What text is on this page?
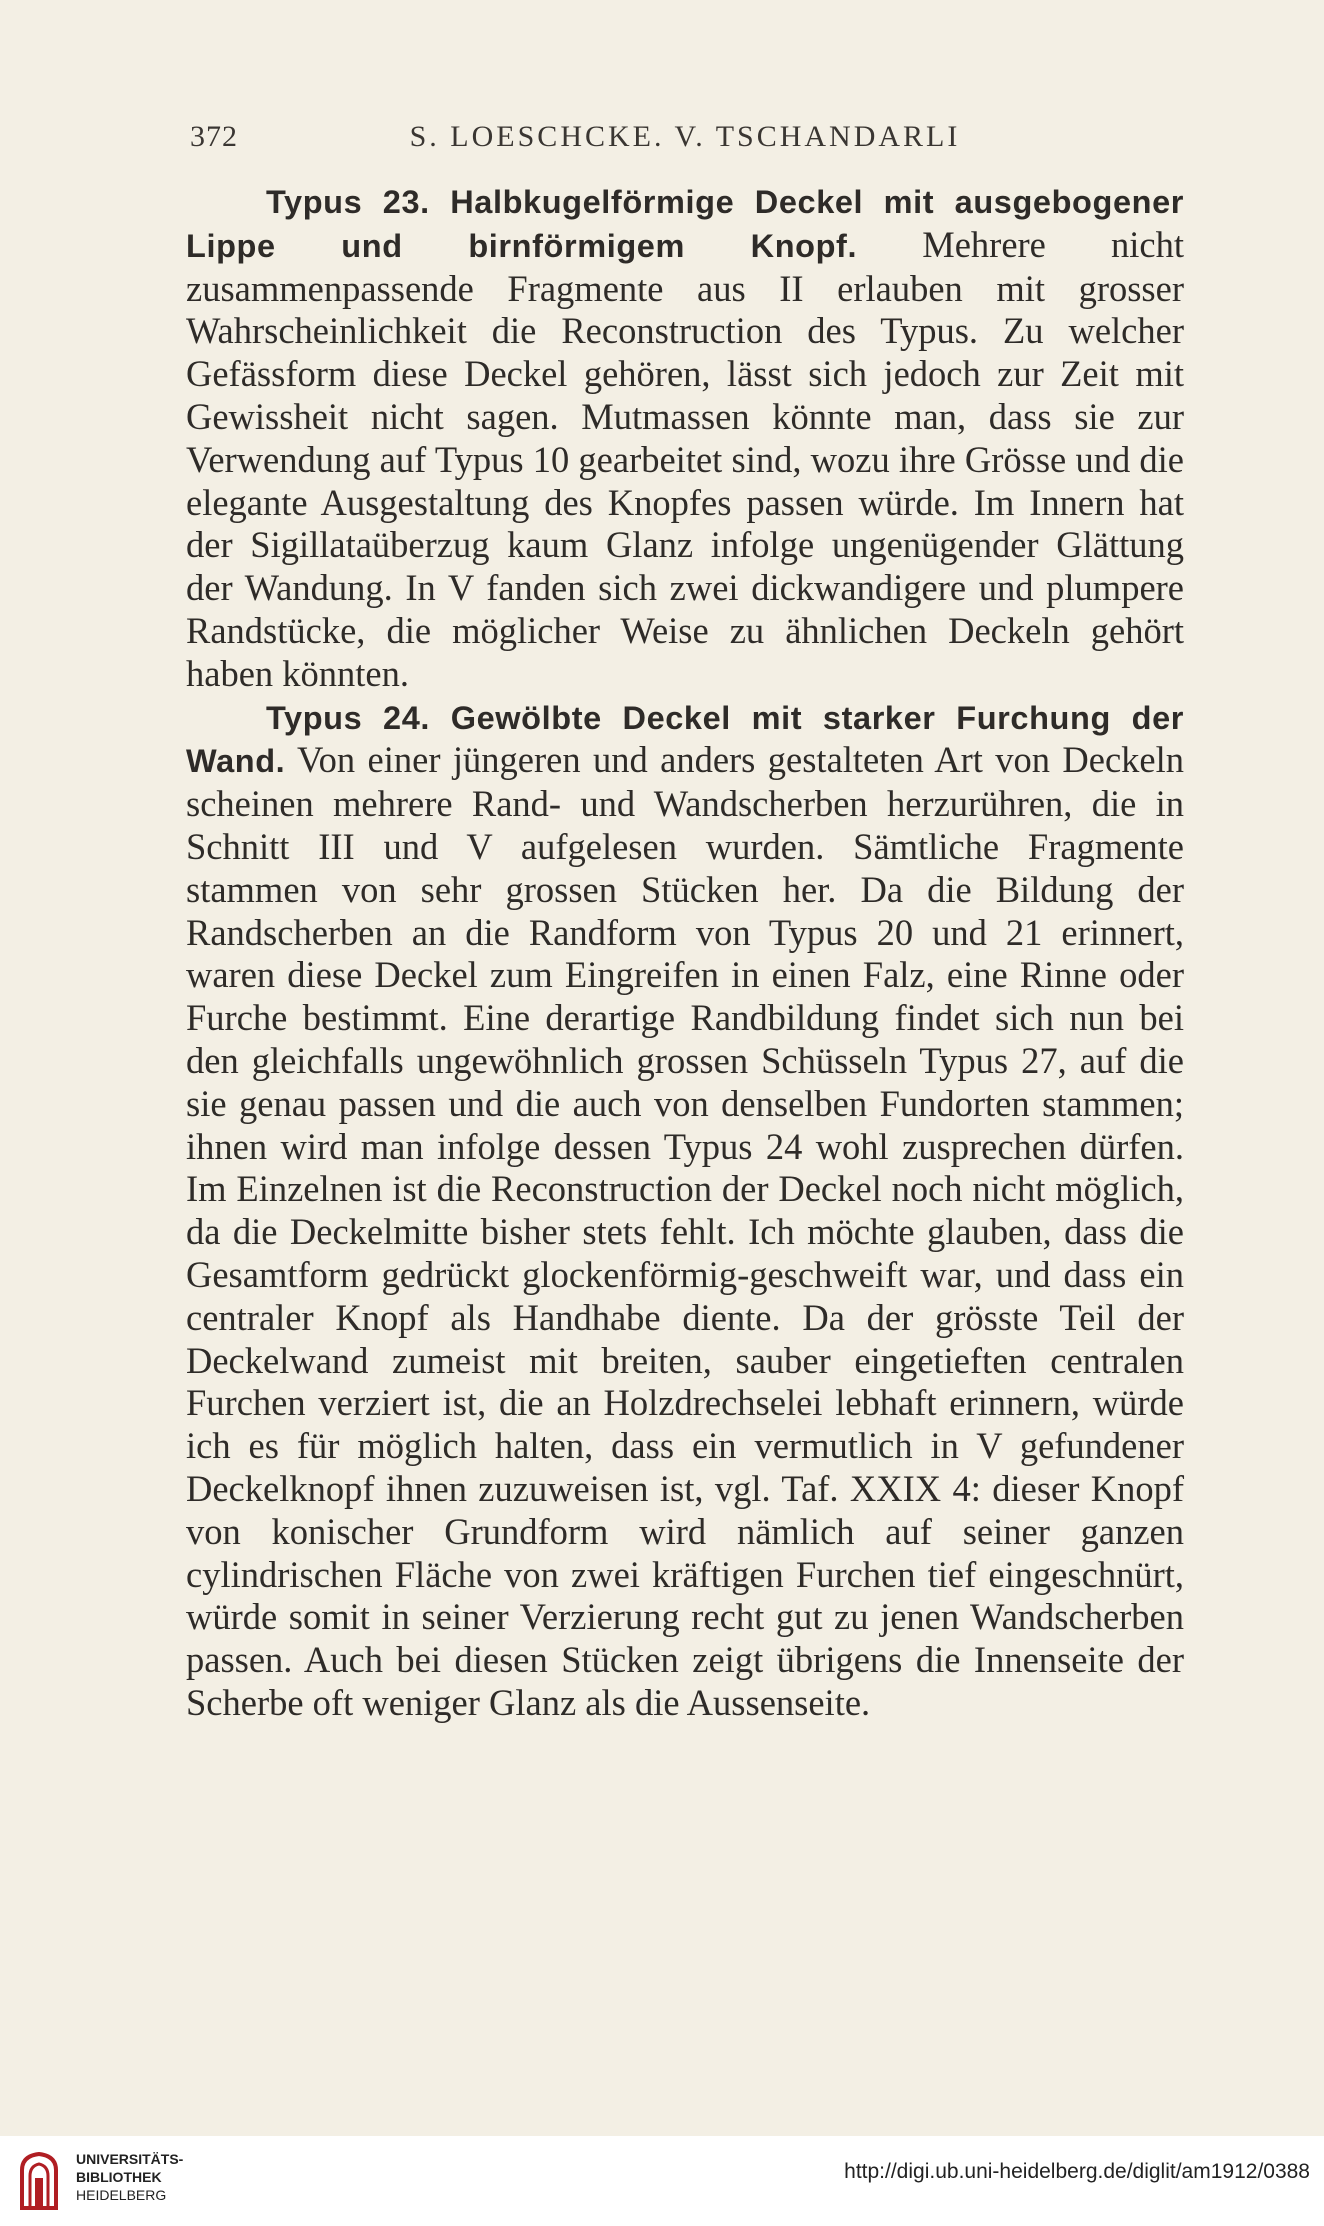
372	S. LOESCHCKE. V. TSCHANDARLI

Typus 23. Halbkugelförmige Deckel mit ausgebogener Lippe und birnförmigem Knopf. Mehrere nicht zusammenpassende Fragmente aus II erlauben mit grosser Wahrscheinlichkeit die Reconstruction des Typus. Zu welcher Gefässform diese Deckel gehören, lässt sich jedoch zur Zeit mit Gewissheit nicht sagen. Mutmassen könnte man, dass sie zur Verwendung auf Typus 10 gearbeitet sind, wozu ihre Grösse und die elegante Ausgestaltung des Knopfes passen würde. Im Innern hat der Sigillataüberzug kaum Glanz infolge ungenügender Glättung der Wandung. In V fanden sich zwei dickwandigere und plumpere Randstücke, die möglicher Weise zu ähnlichen Deckeln gehört haben könnten.

Typus 24. Gewölbte Deckel mit starker Furchung der Wand. Von einer jüngeren und anders gestalteten Art von Deckeln scheinen mehrere Rand- und Wandscherben herzurühren, die in Schnitt III und V aufgelesen wurden. Sämtliche Fragmente stammen von sehr grossen Stücken her. Da die Bildung der Randscherben an die Randform von Typus 20 und 21 erinnert, waren diese Deckel zum Eingreifen in einen Falz, eine Rinne oder Furche bestimmt. Eine derartige Randbildung findet sich nun bei den gleichfalls ungewöhnlich grossen Schüsseln Typus 27, auf die sie genau passen und die auch von denselben Fundorten stammen; ihnen wird man infolge dessen Typus 24 wohl zusprechen dürfen. Im Einzelnen ist die Reconstruction der Deckel noch nicht möglich, da die Deckelmitte bisher stets fehlt. Ich möchte glauben, dass die Gesamtform gedrückt glockenförmig-geschweift war, und dass ein centraler Knopf als Handhabe diente. Da der grösste Teil der Deckelwand zumeist mit breiten, sauber eingetieften centralen Furchen verziert ist, die an Holzdrechselei lebhaft erinnern, würde ich es für möglich halten, dass ein vermutlich in V gefundener Deckelknopf ihnen zuzuweisen ist, vgl. Taf. XXIX 4: dieser Knopf von konischer Grundform wird nämlich auf seiner ganzen cylindrischen Fläche von zwei kräftigen Furchen tief eingeschnürt, würde somit in seiner Verzierung recht gut zu jenen Wandscherben passen. Auch bei diesen Stücken zeigt übrigens die Innenseite der Scherbe oft weniger Glanz als die Aussenseite.

UNIVERSITÄTS-
BIBLIOTHEK
HEIDELBERG
http://digi.ub.uni-heidelberg.de/diglit/am1912/0388
